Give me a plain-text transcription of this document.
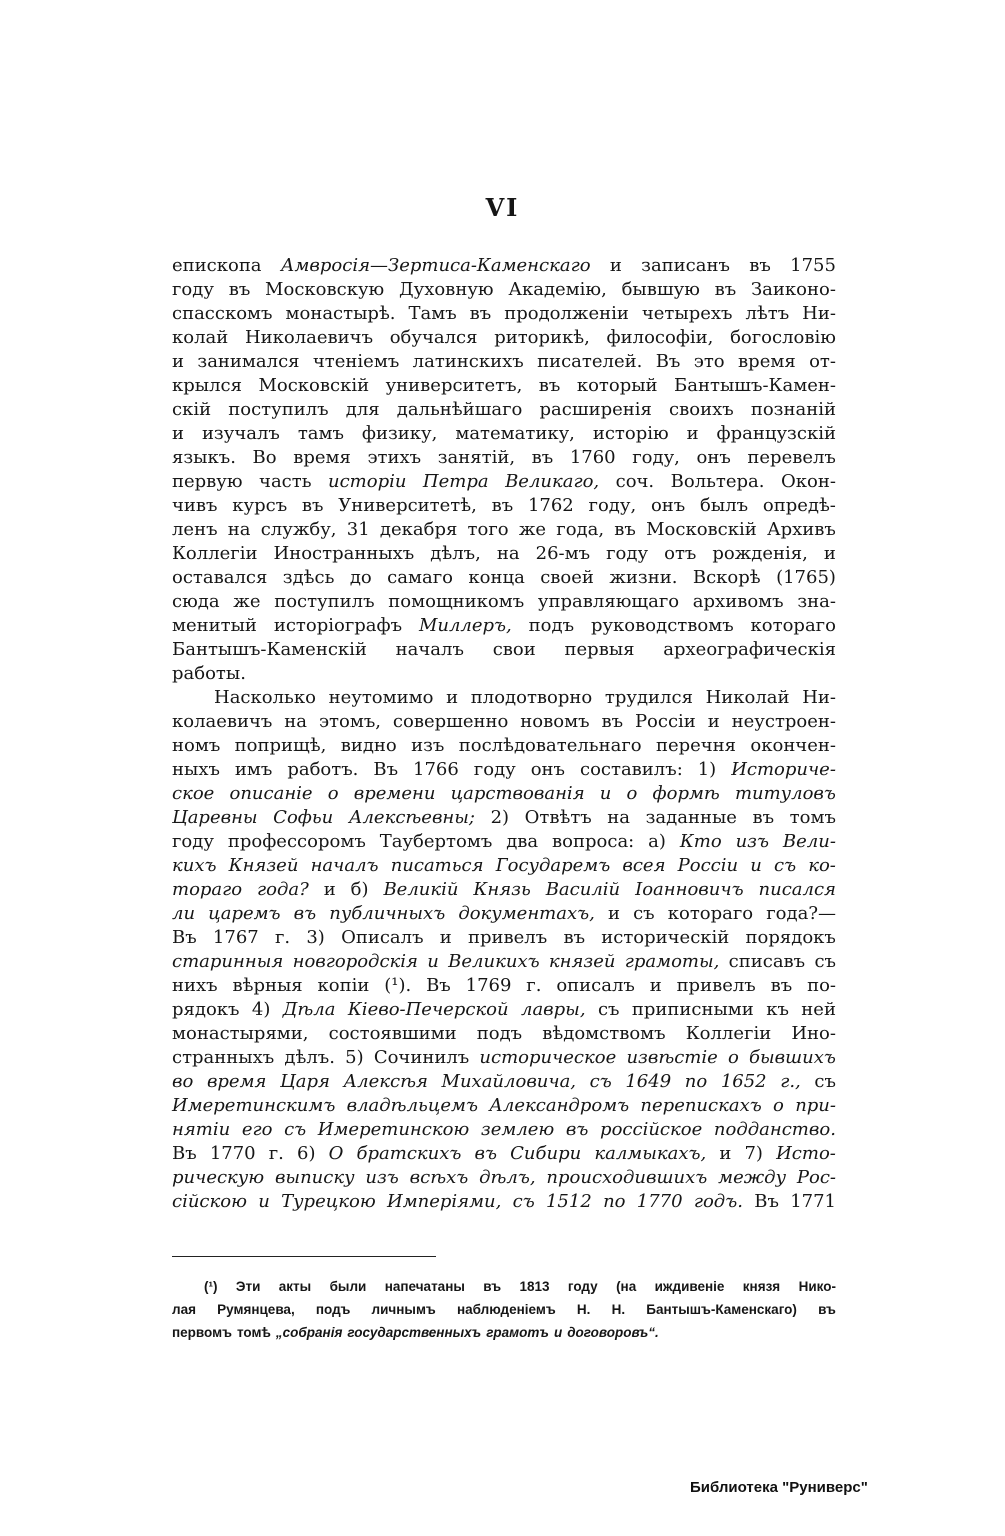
VI
епископа Амвросія—Зертиса-Каменскаго и записанъ въ 1755
году въ Московскую Духовную Академію, бывшую въ Заиконо-
спасскомъ монастырѣ. Тамъ въ продолженіи четырехъ лѣтъ Ни-
колай Николаевичъ обучался риторикѣ, философіи, богословію
и занимался чтеніемъ латинскихъ писателей. Въ это время от-
крылся Московскій университетъ, въ который Бантышъ-Камен-
скій поступилъ для дальнѣйшаго расширенія своихъ познаній
и изучалъ тамъ физику, математику, исторію и французскій
языкъ. Во время этихъ занятій, въ 1760 году, онъ перевелъ
первую часть исторіи Петра Великаго, соч. Вольтера. Окон-
чивъ курсъ въ Университетѣ, въ 1762 году, онъ былъ опредѣ-
ленъ на службу, 31 декабря того же года, въ Московскій Архивъ
Коллегіи Иностранныхъ дѣлъ, на 26-мъ году отъ рожденія, и
оставался здѣсь до самаго конца своей жизни. Вскорѣ (1765)
сюда же поступилъ помощникомъ управляющаго архивомъ зна-
менитый исторіографъ Миллеръ, подъ руководствомъ котораго
Бантышъ-Каменскій началъ свои первыя археографическія
работы.
Насколько неутомимо и плодотворно трудился Николай Ни-
колаевичъ на этомъ, совершенно новомъ въ Россіи и неустроен-
номъ поприщѣ, видно изъ послѣдовательнаго перечня окончен-
ныхъ имъ работъ. Въ 1766 году онъ составилъ: 1) Историче-
ское описаніе о времени царствованія и о формѣ титуловъ
Царевны Софьи Алексѣевны; 2) Отвѣтъ на заданные въ томъ
году профессоромъ Таубертомъ два вопроса: а) Кто изъ Вели-
кихъ Князей началъ писаться Государемъ всея Россіи и съ ко-
тораго года? и б) Великій Князь Василій Іоанновичъ писался
ли царемъ въ публичныхъ документахъ, и съ котораго года?—
Въ 1767 г. 3) Описалъ и привелъ въ историческій порядокъ
старинныя новгородскія и Великихъ князей грамоты, списавъ съ
нихъ вѣрныя копіи (¹). Въ 1769 г. описалъ и привелъ въ по-
рядокъ 4) Дѣла Кіево-Печерской лавры, съ приписными къ ней
монастырями, состоявшими подъ вѣдомствомъ Коллегіи Ино-
странныхъ дѣлъ. 5) Сочинилъ историческое извѣстіе о бывшихъ
во время Царя Алексѣя Михайловича, съ 1649 по 1652 г., съ
Имеретинскимъ владѣльцемъ Александромъ перепискахъ о при-
нятіи его съ Имеретинскою землею въ россійское подданство.
Въ 1770 г. 6) О братскихъ въ Сибири калмыкахъ, и 7) Исто-
рическую выписку изъ всѣхъ дѣлъ, происходившихъ между Рос-
сійскою и Турецкою Имперіями, съ 1512 по 1770 годъ. Въ 1771
(¹) Эти акты были напечатаны въ 1813 году (на иждивеніе князя Нико-
лая Румянцева, подъ личнымъ наблюденіемъ Н. Н. Бантышъ-Каменскаго) въ
первомъ томѣ „собранія государственныхъ грамотъ и договоровъ“.
Библиотека "Руниверс"
